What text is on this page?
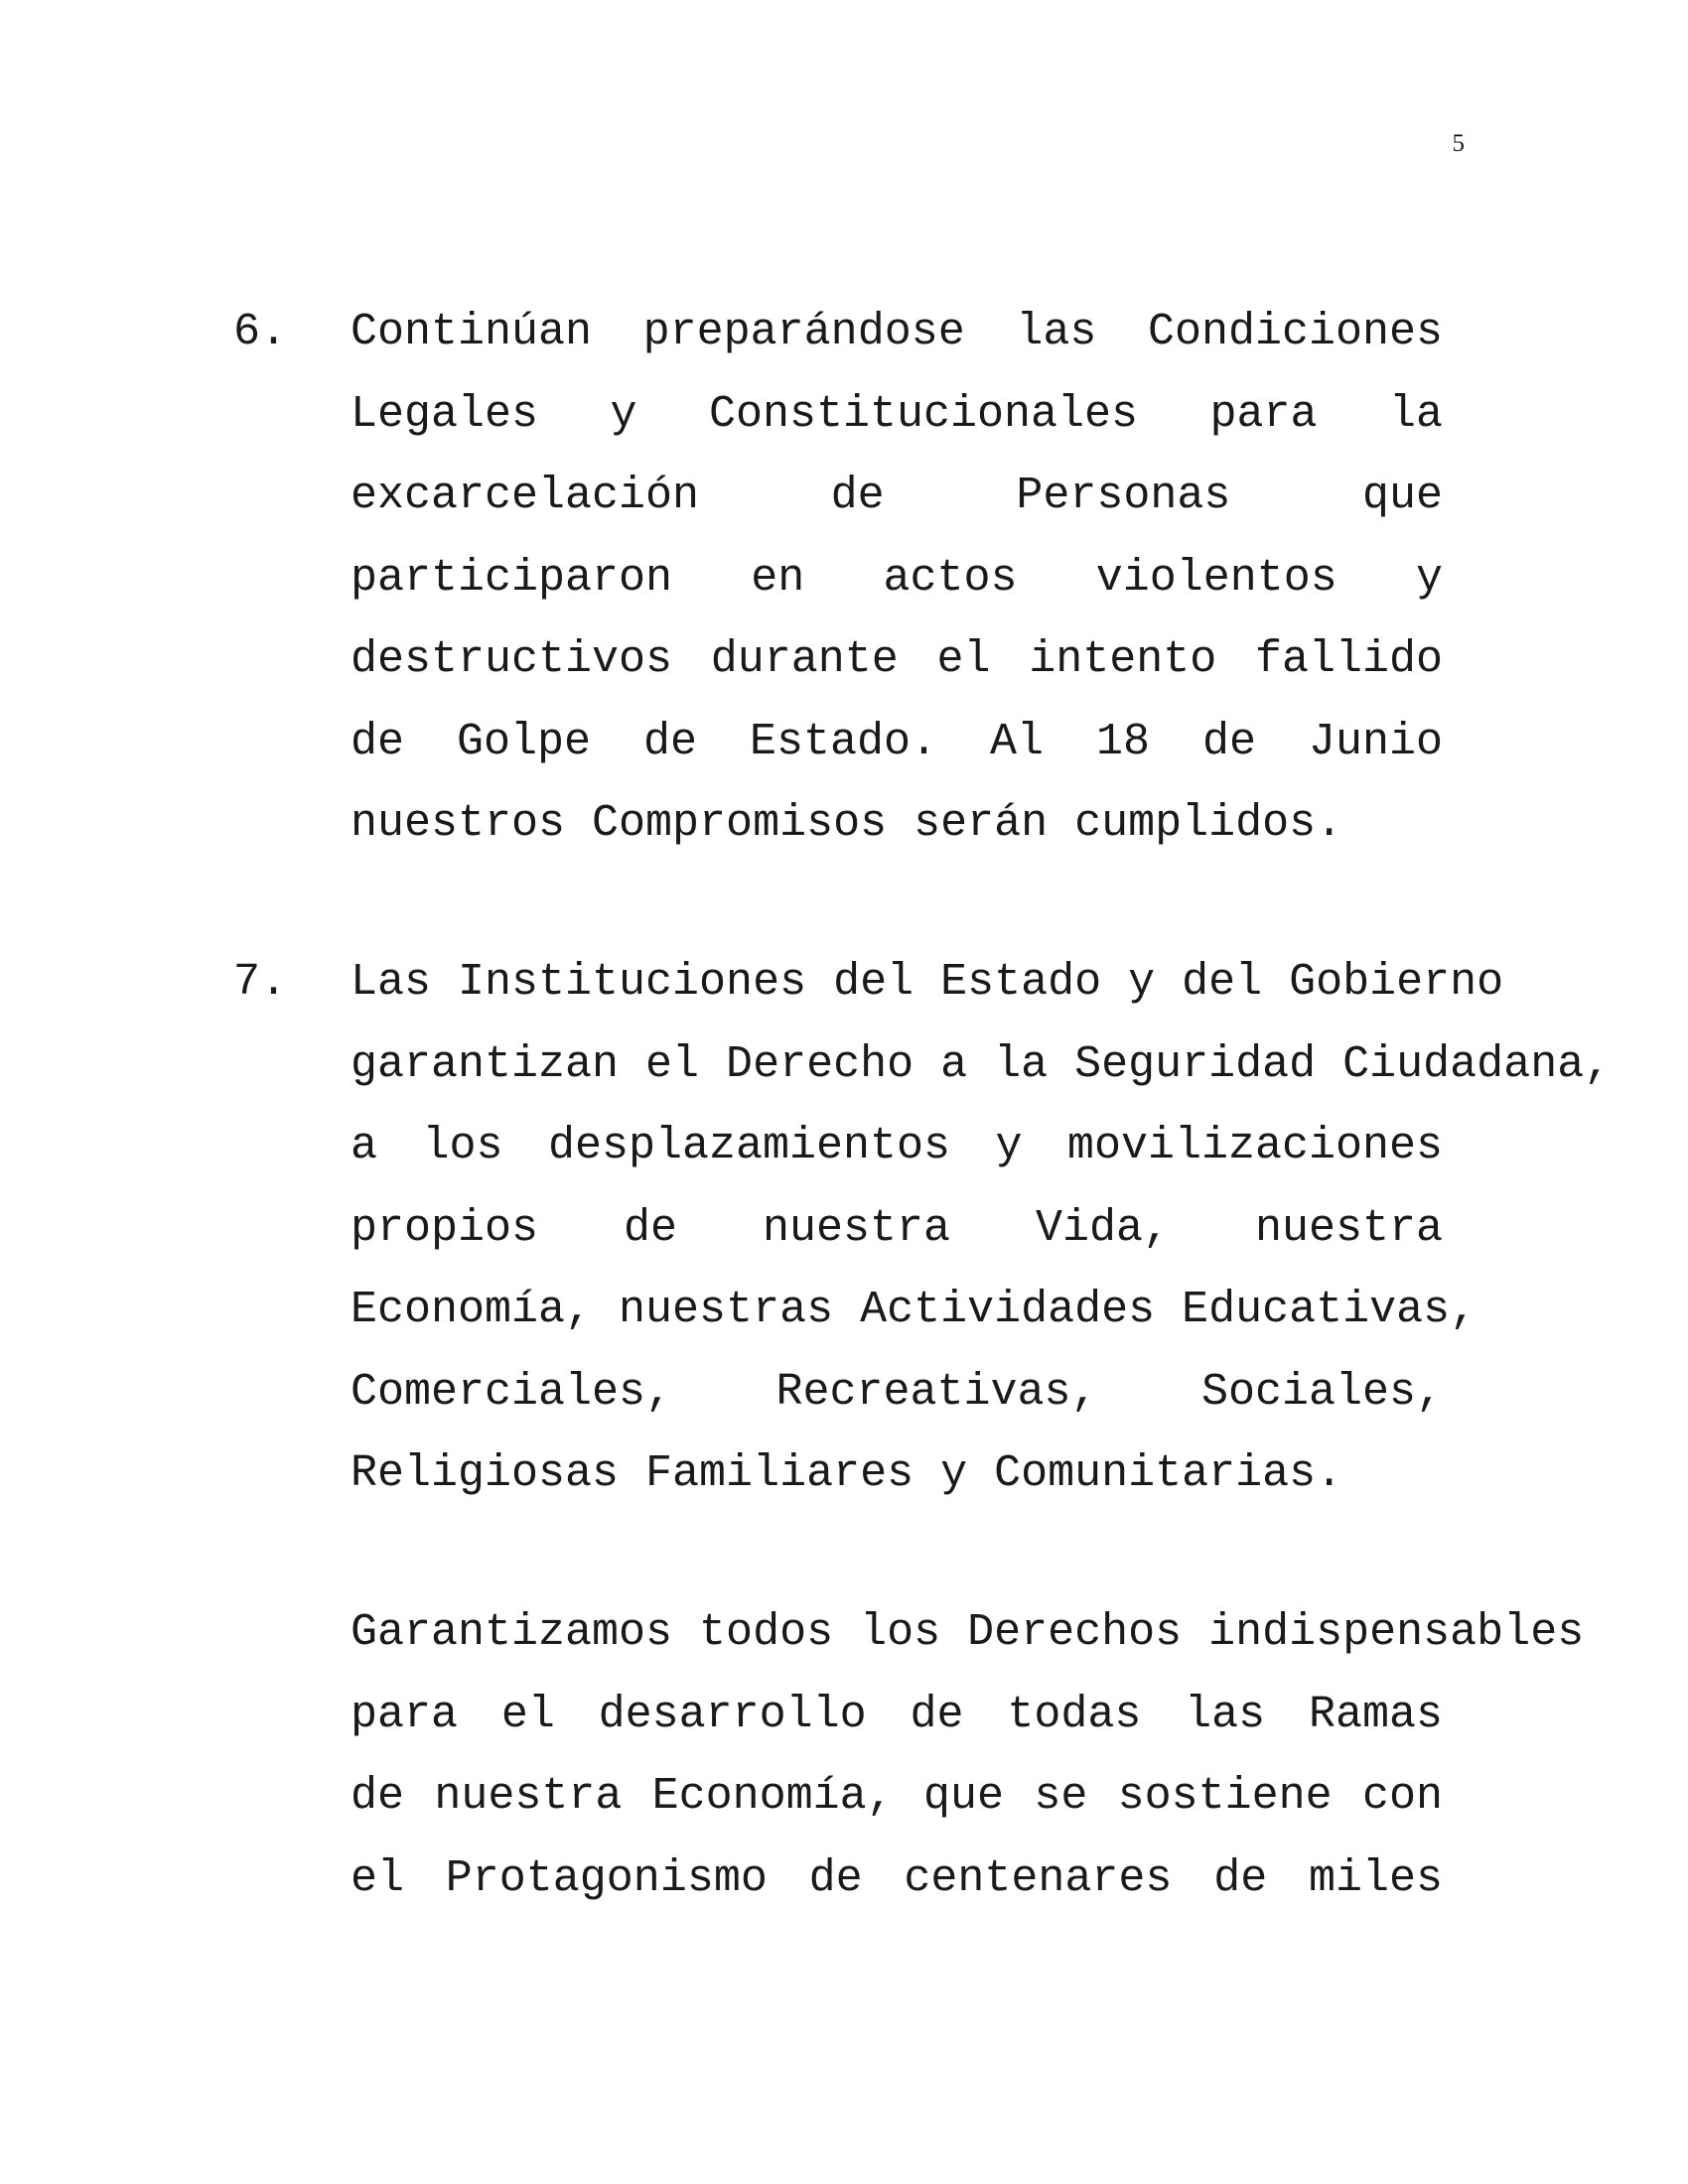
5
6.	Continúan preparándose las Condiciones
Legales y Constitucionales para la
excarcelación de Personas que
participaron en actos violentos y
destructivos durante el intento fallido
de Golpe de Estado. Al 18 de Junio
nuestros Compromisos serán cumplidos.
7.	Las Instituciones del Estado y del Gobierno
garantizan el Derecho a la Seguridad Ciudadana,
a los desplazamientos y movilizaciones
propios de nuestra Vida, nuestra
Economía, nuestras Actividades Educativas,
Comerciales, Recreativas, Sociales,
Religiosas Familiares y Comunitarias.
Garantizamos todos los Derechos indispensables
para el desarrollo de todas las Ramas
de nuestra Economía, que se sostiene con
el Protagonismo de centenares de miles
